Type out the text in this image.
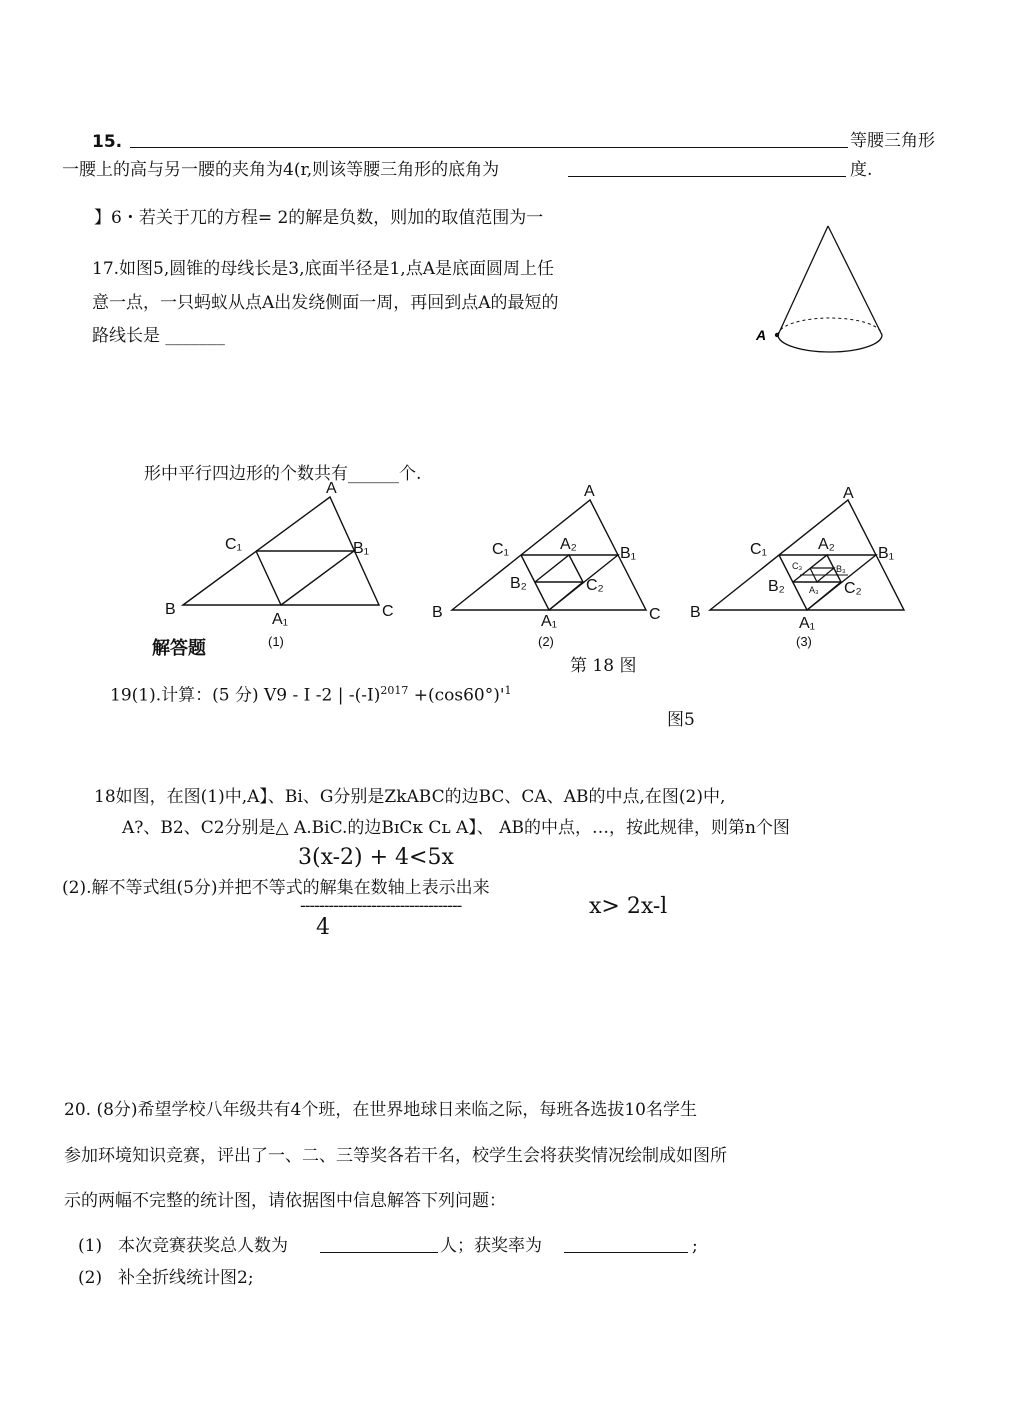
15.	等腰三角形
一腰上的高与另一腰的夹角为4(r,则该等腰三角形的底角为	度.
】6・若关于兀的方程= 2的解是负数，则加的取值范围为一
17.如图5,圆锥的母线长是3,底面半径是1,点A是底面圆周上任
意一点，一只蚂蚁从点A出发绕侧面一周，再回到点A的最短的
路线长是 _______	A
形中平行四边形的个数共有______个.
A
C₁	B₁
B
A₁	C
(1)
A
C₁	A₂
B₁
B₂	C₂
B
A₁	C
(2)
A
C₁	A₂
B₁
B₂	C₂
B
A₁
(3)
C₃	B₃
A₃
解答题
第 18 图
19(1).计算：(5 分) V9 - I -2 | $-(-I)^{2017} +(\cos 60^\circ)'^1$
图5
18如图，在图(1)中,A】、Bi、G分别是ZkABC的边BC、CA、AB的中点,在图(2)中,
A?、B2、C2分别是△ A.BiC.的边BɪCκ Cʟ A】、 AB的中点，…，按此规律，则第n个图
3(x-2) + 4<5x
(2).解不等式组(5分)并把不等式的解集在数轴上表示出来
----------------------------------	x> 2x-l
4
20. (8分)希望学校八年级共有4个班，在世界地球日来临之际，每班各选拔10名学生
参加环境知识竞赛，评出了一、二、三等奖各若干名，校学生会将获奖情况绘制成如图所
示的两幅不完整的统计图，请依据图中信息解答下列问题：
(1) 本次竞赛获奖总人数为	人；获奖率为	;
(2) 补全折线统计图2;
